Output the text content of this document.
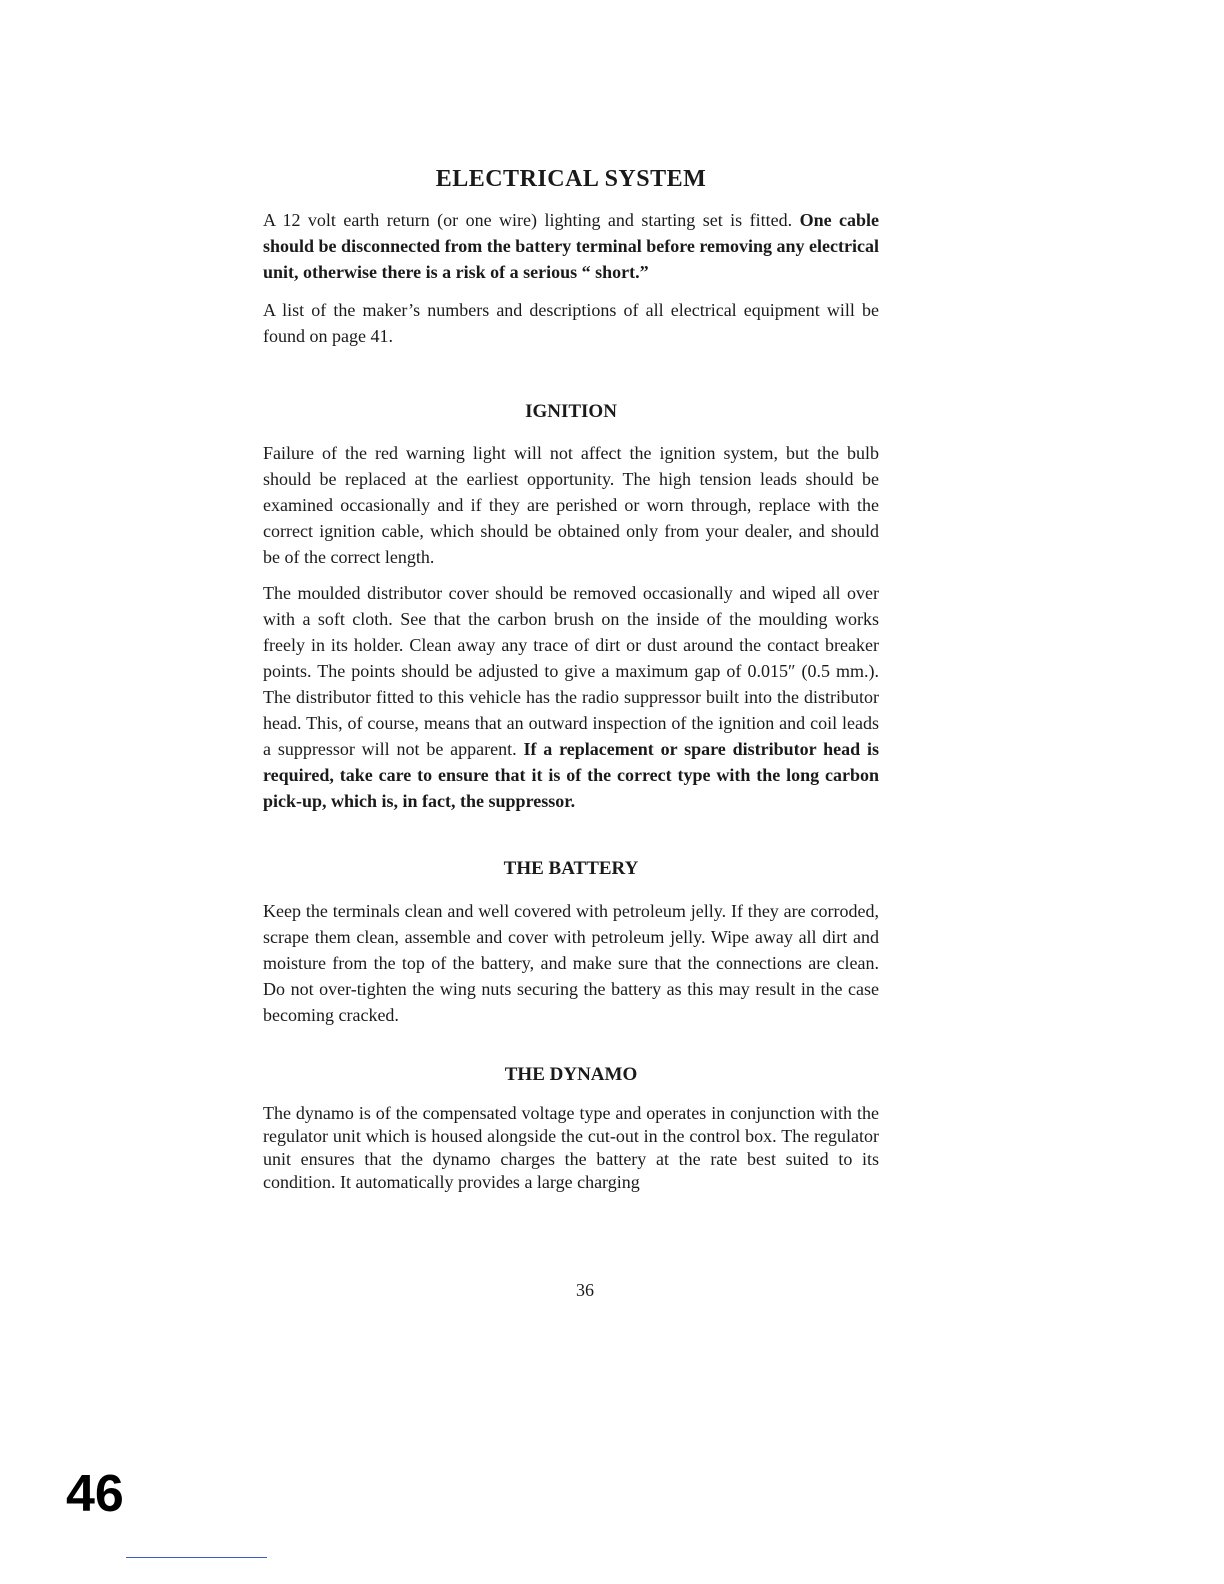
ELECTRICAL SYSTEM

A 12 volt earth return (or one wire) lighting and starting set is fitted. One cable should be disconnected from the battery terminal before removing any electrical unit, otherwise there is a risk of a serious “ short.”

A list of the maker’s numbers and descriptions of all electrical equipment will be found on page 41.

IGNITION

Failure of the red warning light will not affect the ignition system, but the bulb should be replaced at the earliest opportunity. The high tension leads should be examined occasionally and if they are perished or worn through, replace with the correct ignition cable, which should be obtained only from your dealer, and should be of the correct length.

The moulded distributor cover should be removed occasionally and wiped all over with a soft cloth. See that the carbon brush on the inside of the moulding works freely in its holder. Clean away any trace of dirt or dust around the contact breaker points. The points should be adjusted to give a maximum gap of 0.015″ (0.5 mm.). The distributor fitted to this vehicle has the radio suppressor built into the distributor head. This, of course, means that an outward inspection of the ignition and coil leads a suppressor will not be apparent. If a replacement or spare distributor head is required, take care to ensure that it is of the correct type with the long carbon pick-up, which is, in fact, the suppressor.

THE BATTERY

Keep the terminals clean and well covered with petroleum jelly. If they are corroded, scrape them clean, assemble and cover with petroleum jelly. Wipe away all dirt and moisture from the top of the battery, and make sure that the connections are clean. Do not over-tighten the wing nuts securing the battery as this may result in the case becoming cracked.

THE DYNAMO

The dynamo is of the compensated voltage type and operates in conjunction with the regulator unit which is housed alongside the cut-out in the control box. The regulator unit ensures that the dynamo charges the battery at the rate best suited to its condition. It automatically provides a large charging

36
46
